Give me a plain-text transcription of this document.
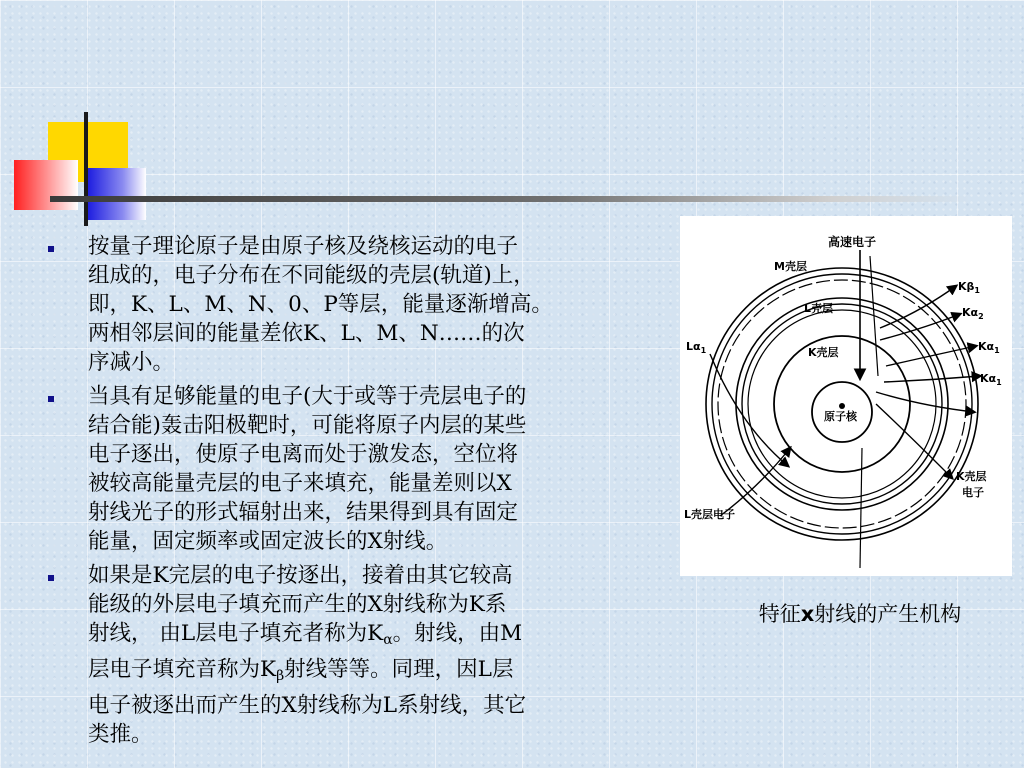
按量子理论原子是由原子核及绕核运动的电子
组成的，电子分布在不同能级的壳层(轨道)上，
即，K、L、M、N、0、P等层，能量逐渐增高。
两相邻层间的能量差依K、L、M、N……的次
序减小。
当具有足够能量的电子(大于或等于壳层电子的
结合能)轰击阳极靶时，可能将原子内层的某些
电子逐出，使原子电离而处于激发态，空位将
被较高能量壳层的电子来填充，能量差则以X
射线光子的形式辐射出来，结果得到具有固定
能量，固定频率或固定波长的X射线。
如果是K完层的电子按逐出，接着由其它较高
能级的外层电子填充而产生的X射线称为K系
射线， 由L层电子填充者称为$K_\alpha$。射线，由M
层电子填充音称为$K_\beta$射线等等。同理，因L层
电子被逐出而产生的X射线称为L系射线，其它
类推。
高速电子
M壳层
L壳层
K壳层
原子核
$K\beta_1$
$K\alpha_2$
$K\alpha_1$
$K\alpha_1$
$L\alpha_1$
K壳层
电子
L壳层电子
特征x射线的产生机构
